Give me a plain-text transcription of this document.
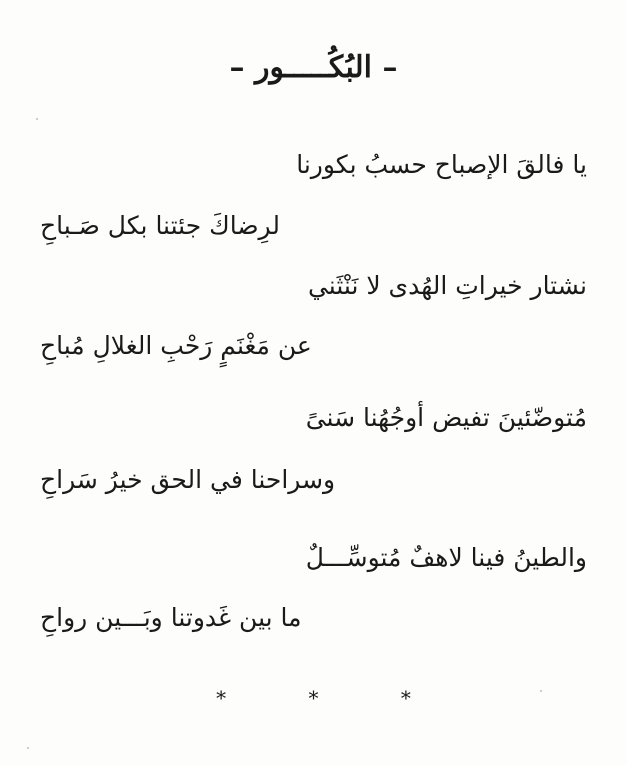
– البُكُـــــور –
يا فالقَ الإصباح حسبُ بكورنا
لرِضاكَ جئتنا بكل صَـباحِ
نشتار خيراتِ الهُدى لا نَنْثَني
عن مَغْنَمٍ رَحْبِ الغلالِ مُباحِ
مُتوضّئينَ تفيض أوجُهُنا سَنىً
وسراحنا في الحق خيرُ سَراحِ
والطينُ فينا لاهفٌ مُتوسِّـــلٌ
ما بين غَدوتنا وبَـــين رواحِ
* * *
